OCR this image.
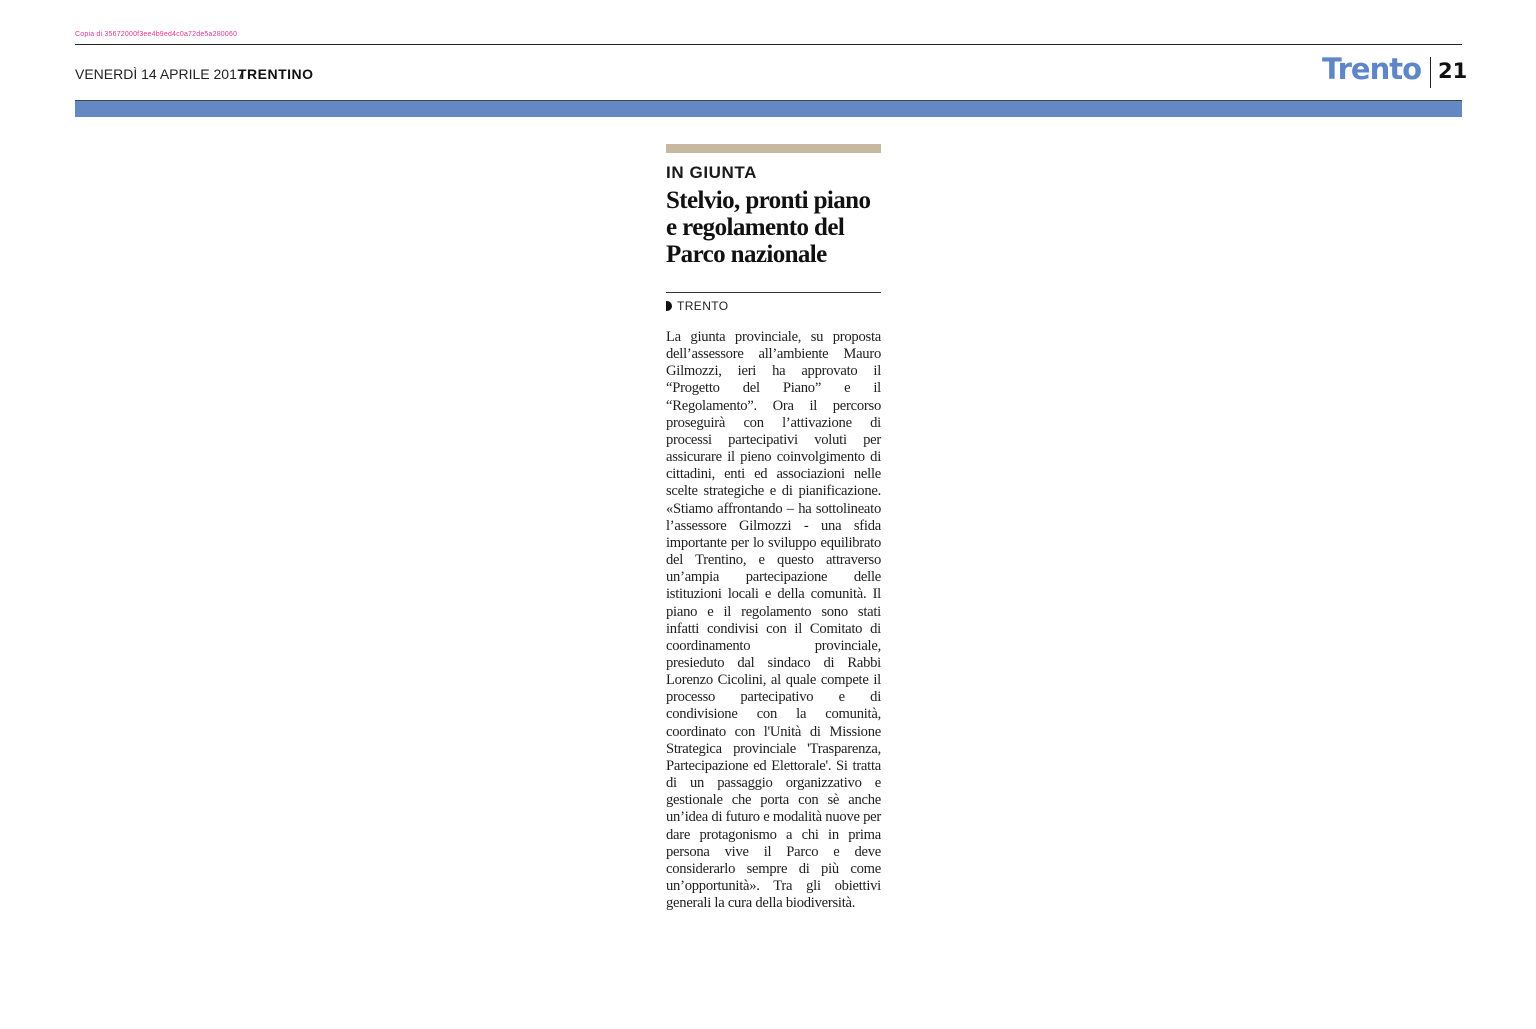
Copia di 35672000f3ee4b9ed4c0a72de5a280060
VENERDÌ 14 APRILE 2017
TRENTINO	Trento 21
IN GIUNTA
Stelvio, pronti piano e regolamento del Parco nazionale
TRENTO
La giunta provinciale, su proposta dell’assessore all’ambiente Mauro Gilmozzi, ieri ha approvato il “Progetto del Piano” e il “Regolamento”. Ora il percorso proseguirà con l’attivazione di processi partecipativi voluti per assicurare il pieno coinvolgimento di cittadini, enti ed associazioni nelle scelte strategiche e di pianificazione. «Stiamo affrontando – ha sottolineato l’assessore Gilmozzi - una sfida importante per lo sviluppo equilibrato del Trentino, e questo attraverso un’ampia partecipazione delle istituzioni locali e della comunità. Il piano e il regolamento sono stati infatti condivisi con il Comitato di coordinamento provinciale, presieduto dal sindaco di Rabbi Lorenzo Cicolini, al quale compete il processo partecipativo e di condivisione con la comunità, coordinato con l'Unità di Missione Strategica provinciale 'Trasparenza, Partecipazione ed Elettorale'. Si tratta di un passaggio organizzativo e gestionale che porta con sè anche un’idea di futuro e modalità nuove per dare protagonismo a chi in prima persona vive il Parco e deve considerarlo sempre di più come un’opportunità». Tra gli obiettivi generali la cura della biodiversità.
